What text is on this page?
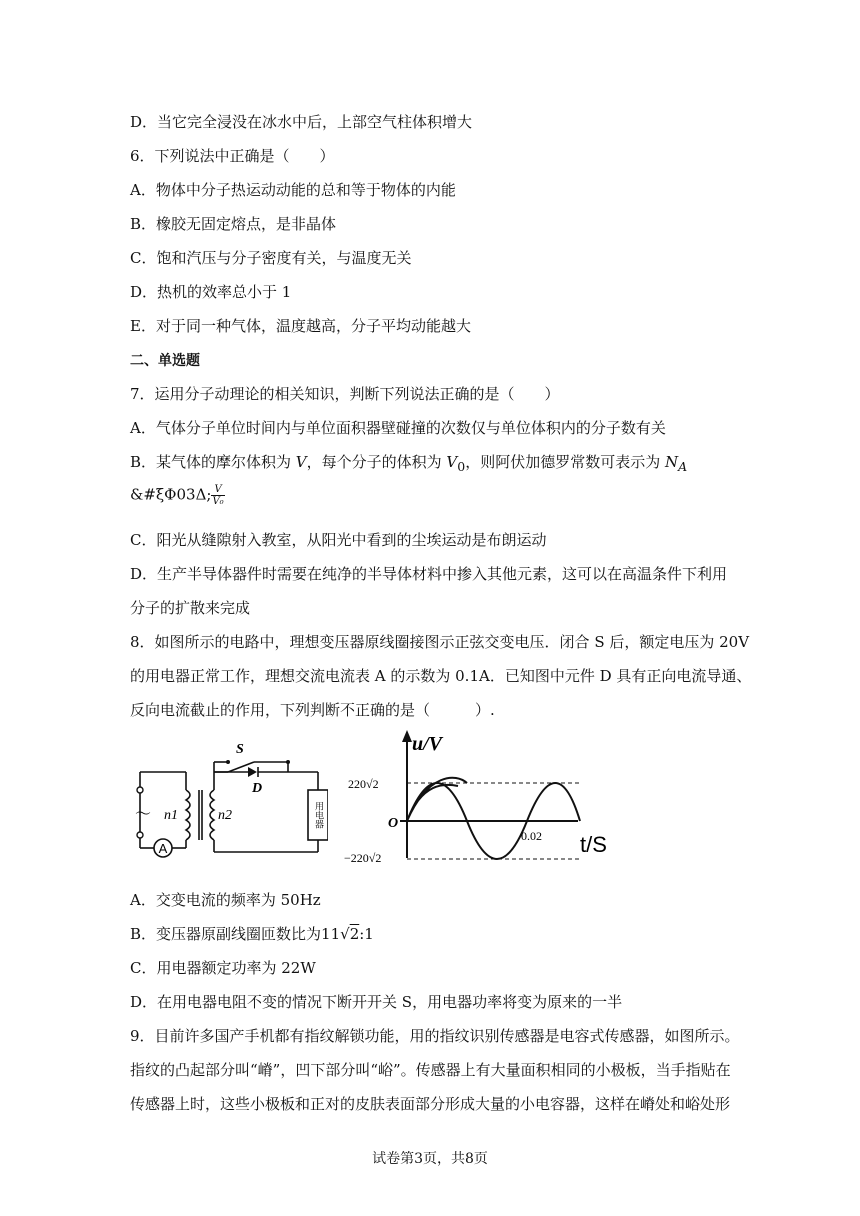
D．当它完全浸没在冰水中后，上部空气柱体积增大
6．下列说法中正确是（　　）
A．物体中分子热运动动能的总和等于物体的内能
B．橡胶无固定熔点，是非晶体
C．饱和汽压与分子密度有关，与温度无关
D．热机的效率总小于 1
E．对于同一种气体，温度越高，分子平均动能越大
二、单选题
7．运用分子动理论的相关知识，判断下列说法正确的是（　　）
A．气体分子单位时间内与单位面积器壁碰撞的次数仅与单位体积内的分子数有关
B．某气体的摩尔体积为 V，每个分子的体积为 $V_0$，则阿伏加德罗常数可表示为 $N_A$
&#ξΦ03Δ; $\frac{V}{\text{V₀}}$
C．阳光从缝隙射入教室，从阳光中看到的尘埃运动是布朗运动
D．生产半导体器件时需要在纯净的半导体材料中掺入其他元素，这可以在高温条件下利用
分子的扩散来完成
8．如图所示的电路中，理想变压器原线圈接图示正弦交变电压．闭合 S 后，额定电压为 20V
的用电器正常工作，理想交流电流表 A 的示数为 0.1A．已知图中元件 D 具有正向电流导通、
反向电流截止的作用，下列判断不正确的是（　　　）.
A
～ n1	n2
S
D
用电器
u/V
220√2
O
−220√2
0.02 t/S
A．交变电流的频率为 50Hz
B．变压器原副线圈匝数比为11√2:1
C．用电器额定功率为 22W
D．在用电器电阻不变的情况下断开开关 S，用电器功率将变为原来的一半
9．目前许多国产手机都有指纹解锁功能，用的指纹识别传感器是电容式传感器，如图所示。
指纹的凸起部分叫“嵴”，凹下部分叫“峪”。传感器上有大量面积相同的小极板，当手指贴在
传感器上时，这些小极板和正对的皮肤表面部分形成大量的小电容器，这样在嵴处和峪处形
试卷第3页，共8页
